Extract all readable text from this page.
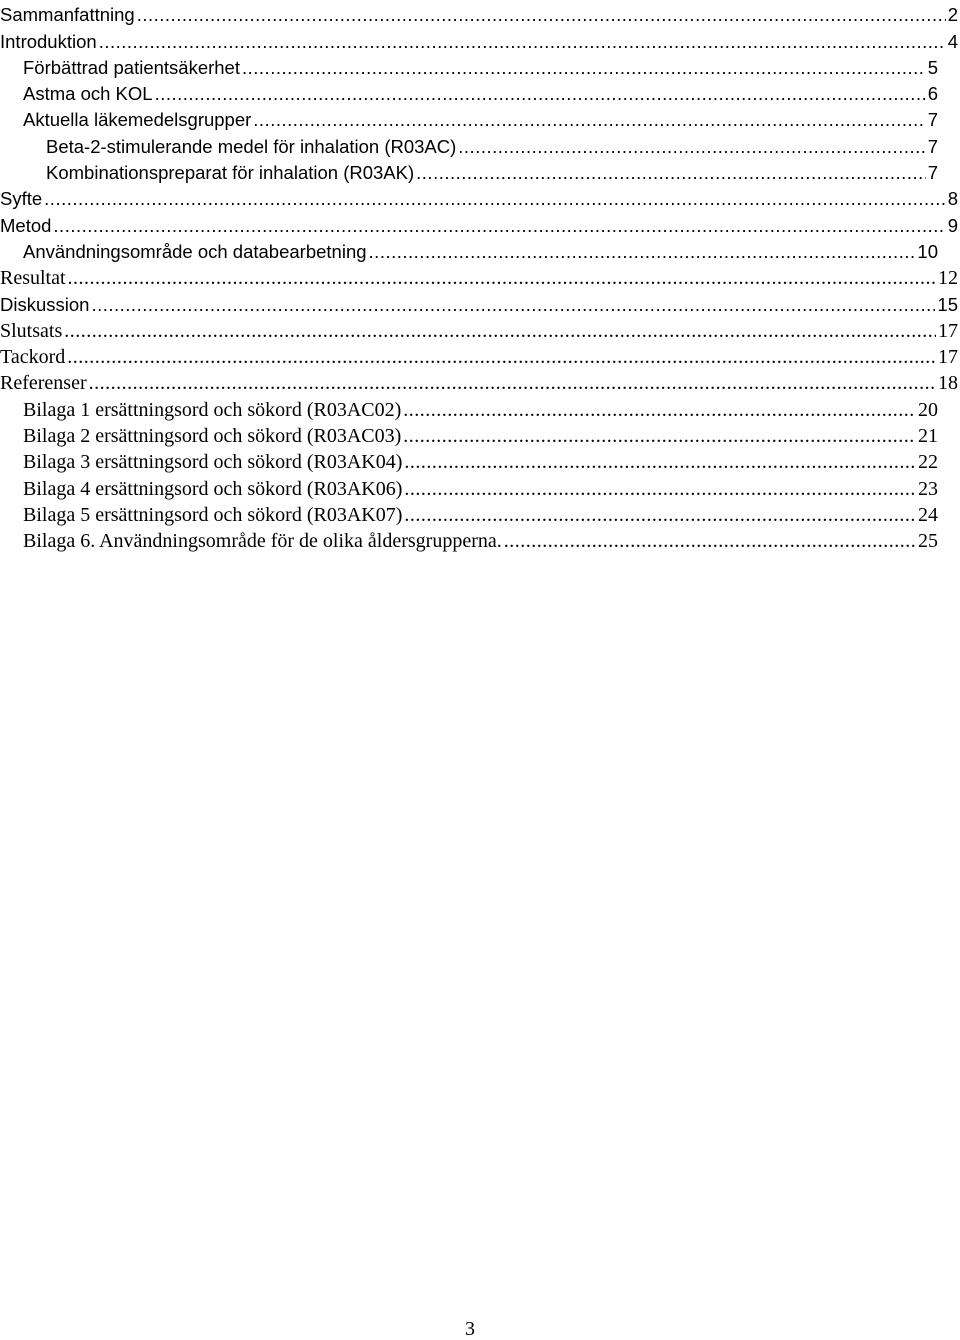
Sammanfattning .....	2
Introduktion .....	4
Förbättrad patientsäkerhet .....	5
Astma och KOL .....	6
Aktuella läkemedelsgrupper .....	7
Beta-2-stimulerande medel för inhalation (R03AC) .....	7
Kombinationspreparat för inhalation (R03AK) .....	7
Syfte .....	8
Metod .....	9
Användningsområde och databearbetning .....	10
Resultat .....	12
Diskussion .....	15
Slutsats .....	17
Tackord .....	17
Referenser .....	18
Bilaga 1 ersättningsord och sökord (R03AC02) .....	20
Bilaga 2 ersättningsord och sökord (R03AC03) .....	21
Bilaga 3 ersättningsord och sökord (R03AK04) .....	22
Bilaga 4 ersättningsord och sökord (R03AK06) .....	23
Bilaga 5 ersättningsord och sökord (R03AK07) .....	24
Bilaga 6. Användningsområde för de olika åldersgrupperna. .....	25
3
